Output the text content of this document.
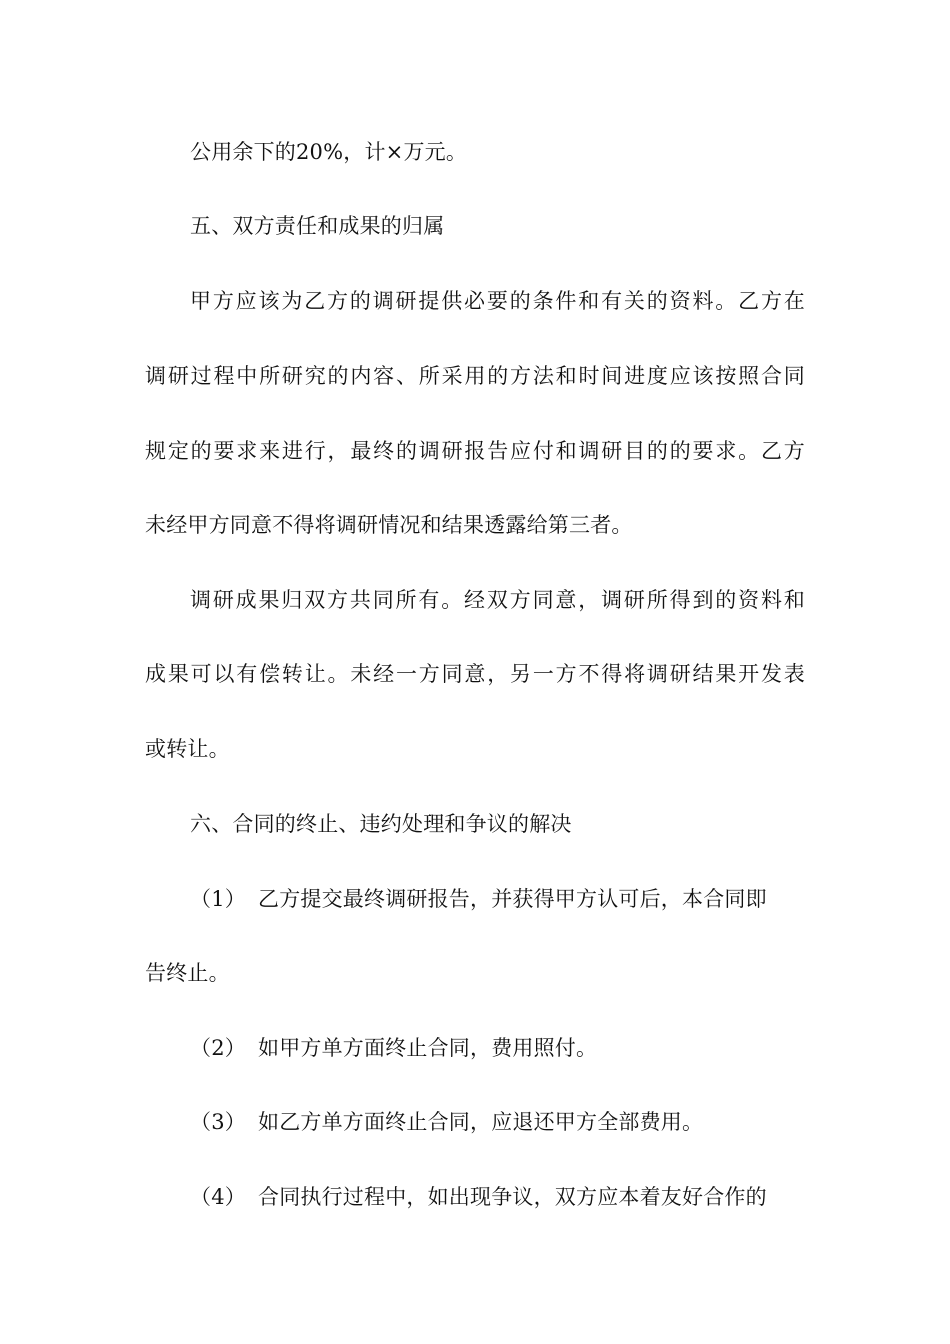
公用余下的20%，计×万元。
五、双方责任和成果的归属
甲方应该为乙方的调研提供必要的条件和有关的资料。乙方在
调研过程中所研究的内容、所采用的方法和时间进度应该按照合同
规定的要求来进行，最终的调研报告应付和调研目的的要求。乙方
未经甲方同意不得将调研情况和结果透露给第三者。
调研成果归双方共同所有。经双方同意，调研所得到的资料和
成果可以有偿转让。未经一方同意，另一方不得将调研结果开发表
或转让。
六、合同的终止、违约处理和争议的解决
（1） 乙方提交最终调研报告，并获得甲方认可后，本合同即
告终止。
（2） 如甲方单方面终止合同，费用照付。
（3） 如乙方单方面终止合同，应退还甲方全部费用。
（4） 合同执行过程中，如出现争议，双方应本着友好合作的
